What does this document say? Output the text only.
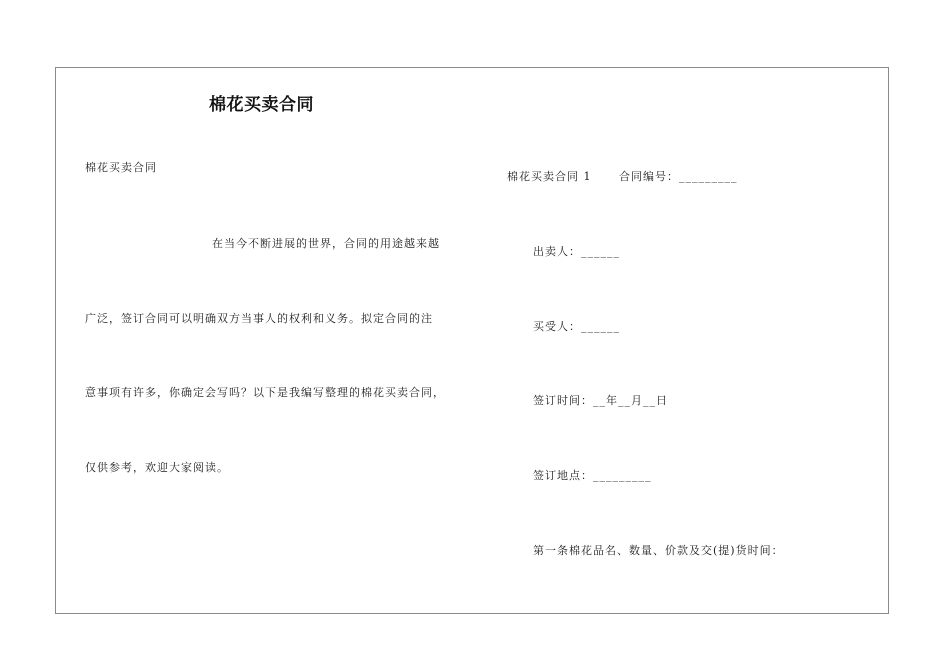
棉花买卖合同
棉花买卖合同
在当今不断进展的世界，合同的用途越来越
广泛，签订合同可以明确双方当事人的权利和义务。拟定合同的注
意事项有许多，你确定会写吗？以下是我编写整理的棉花买卖合同，
仅供参考，欢迎大家阅读。
棉花买卖合同 1	合同编号：_________
出卖人：______
买受人：______
签订时间：__年__月__日
签订地点：_________
第一条棉花品名、数量、价款及交(提)货时间：
